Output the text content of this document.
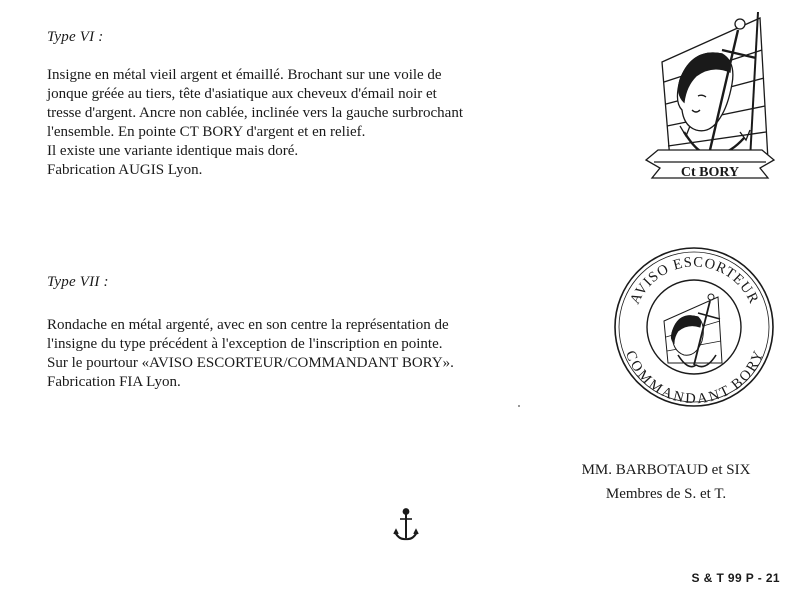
Type VI :
Insigne en métal vieil argent et émaillé. Brochant sur une voile de
jonque gréée au tiers, tête d'asiatique aux cheveux d'émail noir et
tresse d'argent. Ancre non cablée, inclinée vers la gauche surbrochant
l'ensemble. En pointe CT BORY d'argent et en relief.
Il existe une variante identique mais doré.
Fabrication AUGIS Lyon.	Ct BORY
Type VII :
Rondache en métal argenté, avec en son centre la représentation de
l'insigne du type précédent à l'exception de l'inscription en pointe.
Sur le pourtour «AVISO ESCORTEUR/COMMANDANT BORY».
Fabrication FIA Lyon.
AVISO ESCORTEUR
COMMANDANT BORY
MM. BARBOTAUD et SIX
Membres de S. et T.
S & T 99 P - 21
